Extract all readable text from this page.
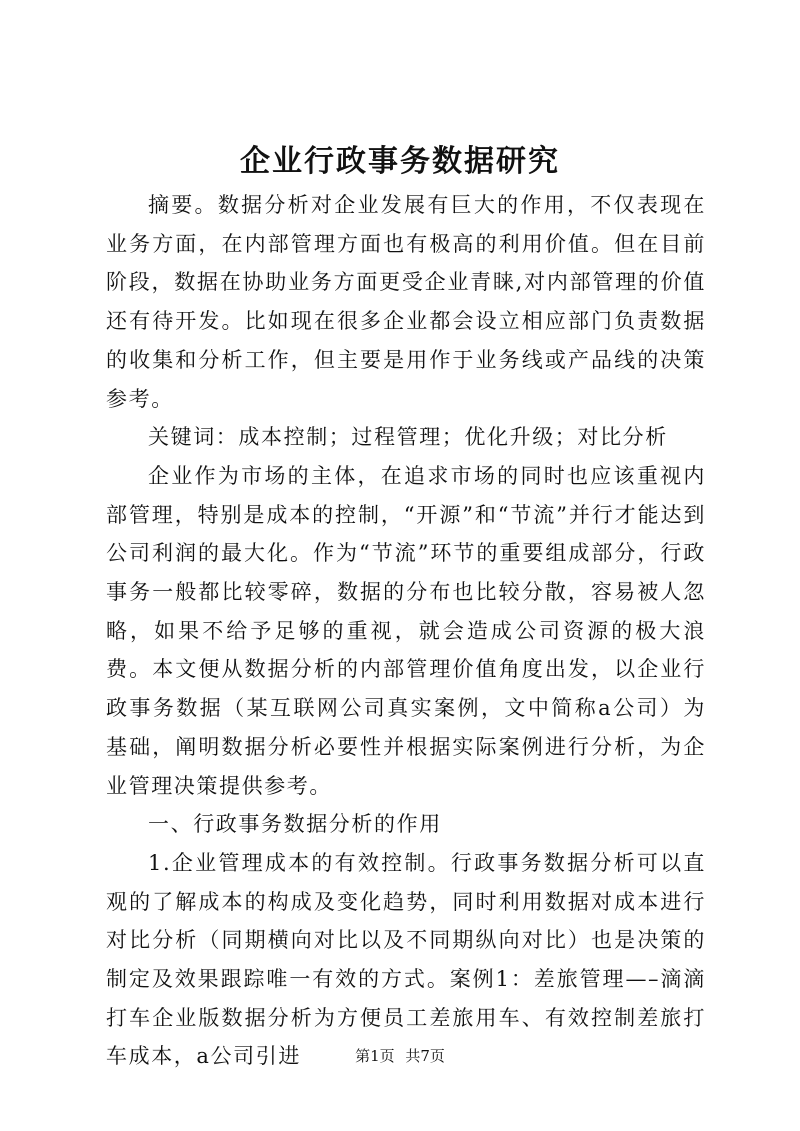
企业行政事务数据研究

摘要。数据分析对企业发展有巨大的作用，不仅表现在业务方面，在内部管理方面也有极高的利用价值。但在目前阶段，数据在协助业务方面更受企业青睐,对内部管理的价值还有待开发。比如现在很多企业都会设立相应部门负责数据的收集和分析工作，但主要是用作于业务线或产品线的决策参考。

关键词：成本控制；过程管理；优化升级；对比分析

企业作为市场的主体，在追求市场的同时也应该重视内部管理，特别是成本的控制，“开源”和“节流”并行才能达到公司利润的最大化。作为“节流”环节的重要组成部分，行政事务一般都比较零碎，数据的分布也比较分散，容易被人忽略，如果不给予足够的重视，就会造成公司资源的极大浪费。本文便从数据分析的内部管理价值角度出发，以企业行政事务数据（某互联网公司真实案例，文中简称a公司）为基础，阐明数据分析必要性并根据实际案例进行分析，为企业管理决策提供参考。

一、行政事务数据分析的作用

1.企业管理成本的有效控制。行政事务数据分析可以直观的了解成本的构成及变化趋势，同时利用数据对成本进行对比分析（同期横向对比以及不同期纵向对比）也是决策的制定及效果跟踪唯一有效的方式。案例1：差旅管理—–滴滴打车企业版数据分析为方便员工差旅用车、有效控制差旅打车成本，a公司引进	第1页 共7页
